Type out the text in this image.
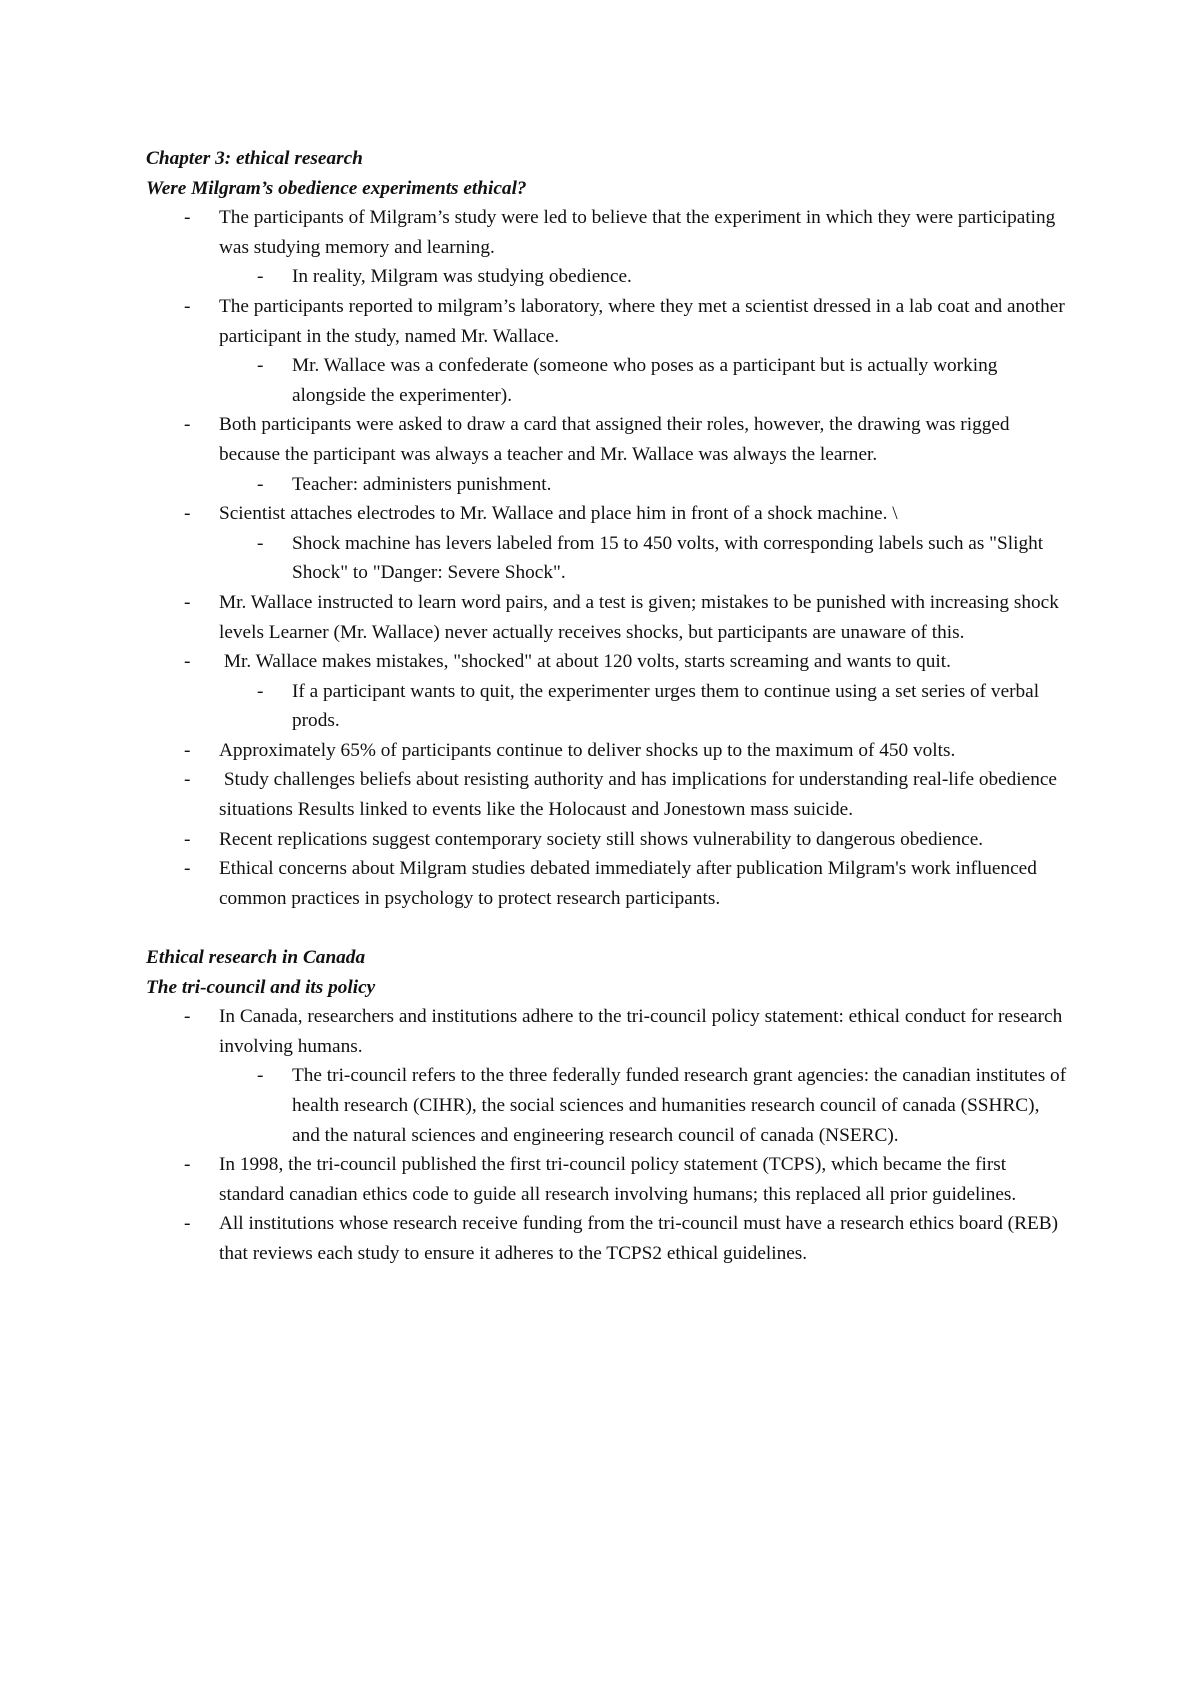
Chapter 3: ethical research

Were Milgram’s obedience experiments ethical?

- The participants of Milgram’s study were led to believe that the experiment in which they were participating was studying memory and learning.
- In reality, Milgram was studying obedience.
- The participants reported to milgram’s laboratory, where they met a scientist dressed in a lab coat and another participant in the study, named Mr. Wallace.
- Mr. Wallace was a confederate (someone who poses as a participant but is actually working alongside the experimenter).
- Both participants were asked to draw a card that assigned their roles, however, the drawing was rigged because the participant was always a teacher and Mr. Wallace was always the learner.
- Teacher: administers punishment.
- Scientist attaches electrodes to Mr. Wallace and place him in front of a shock machine. \
- Shock machine has levers labeled from 15 to 450 volts, with corresponding labels such as "Slight Shock" to "Danger: Severe Shock".
- Mr. Wallace instructed to learn word pairs, and a test is given; mistakes to be punished with increasing shock levels Learner (Mr. Wallace) never actually receives shocks, but participants are unaware of this.
- Mr. Wallace makes mistakes, "shocked" at about 120 volts, starts screaming and wants to quit.
- If a participant wants to quit, the experimenter urges them to continue using a set series of verbal prods.
- Approximately 65% of participants continue to deliver shocks up to the maximum of 450 volts.
- Study challenges beliefs about resisting authority and has implications for understanding real-life obedience situations Results linked to events like the Holocaust and Jonestown mass suicide.
- Recent replications suggest contemporary society still shows vulnerability to dangerous obedience.
- Ethical concerns about Milgram studies debated immediately after publication Milgram's work influenced common practices in psychology to protect research participants.

Ethical research in Canada

The tri-council and its policy

- In Canada, researchers and institutions adhere to the tri-council policy statement: ethical conduct for research involving humans.
- The tri-council refers to the three federally funded research grant agencies: the canadian institutes of health research (CIHR), the social sciences and humanities research council of canada (SSHRC), and the natural sciences and engineering research council of canada (NSERC).
- In 1998, the tri-council published the first tri-council policy statement (TCPS), which became the first standard canadian ethics code to guide all research involving humans; this replaced all prior guidelines.
- All institutions whose research receive funding from the tri-council must have a research ethics board (REB) that reviews each study to ensure it adheres to the TCPS2 ethical guidelines.
